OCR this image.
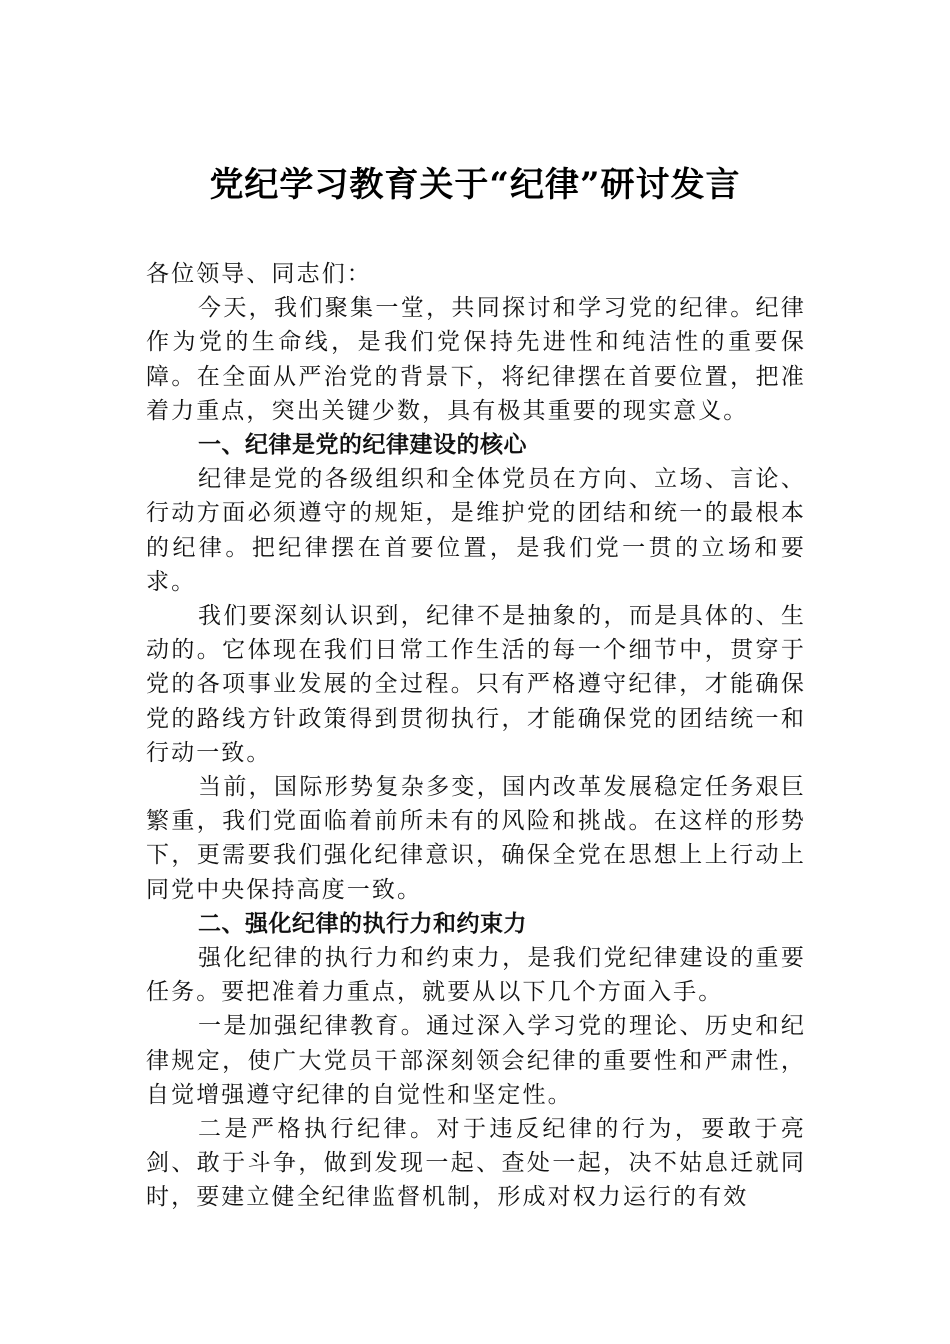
党纪学习教育关于“纪律”研讨发言

各位领导、同志们：

今天，我们聚集一堂，共同探讨和学习党的纪律。纪律作为党的生命线，是我们党保持先进性和纯洁性的重要保障。在全面从严治党的背景下，将纪律摆在首要位置，把准着力重点，突出关键少数，具有极其重要的现实意义。

一、纪律是党的纪律建设的核心

纪律是党的各级组织和全体党员在方向、立场、言论、行动方面必须遵守的规矩，是维护党的团结和统一的最根本的纪律。把纪律摆在首要位置，是我们党一贯的立场和要求。

我们要深刻认识到，纪律不是抽象的，而是具体的、生动的。它体现在我们日常工作生活的每一个细节中，贯穿于党的各项事业发展的全过程。只有严格遵守纪律，才能确保党的路线方针政策得到贯彻执行，才能确保党的团结统一和行动一致。

当前，国际形势复杂多变，国内改革发展稳定任务艰巨繁重，我们党面临着前所未有的风险和挑战。在这样的形势下，更需要我们强化纪律意识，确保全党在思想上上行动上同党中央保持高度一致。

二、强化纪律的执行力和约束力

强化纪律的执行力和约束力，是我们党纪律建设的重要任务。要把准着力重点，就要从以下几个方面入手。

一是加强纪律教育。通过深入学习党的理论、历史和纪律规定，使广大党员干部深刻领会纪律的重要性和严肃性，自觉增强遵守纪律的自觉性和坚定性。

二是严格执行纪律。对于违反纪律的行为，要敢于亮剑、敢于斗争，做到发现一起、查处一起，决不姑息迁就同时，要建立健全纪律监督机制，形成对权力运行的有效
